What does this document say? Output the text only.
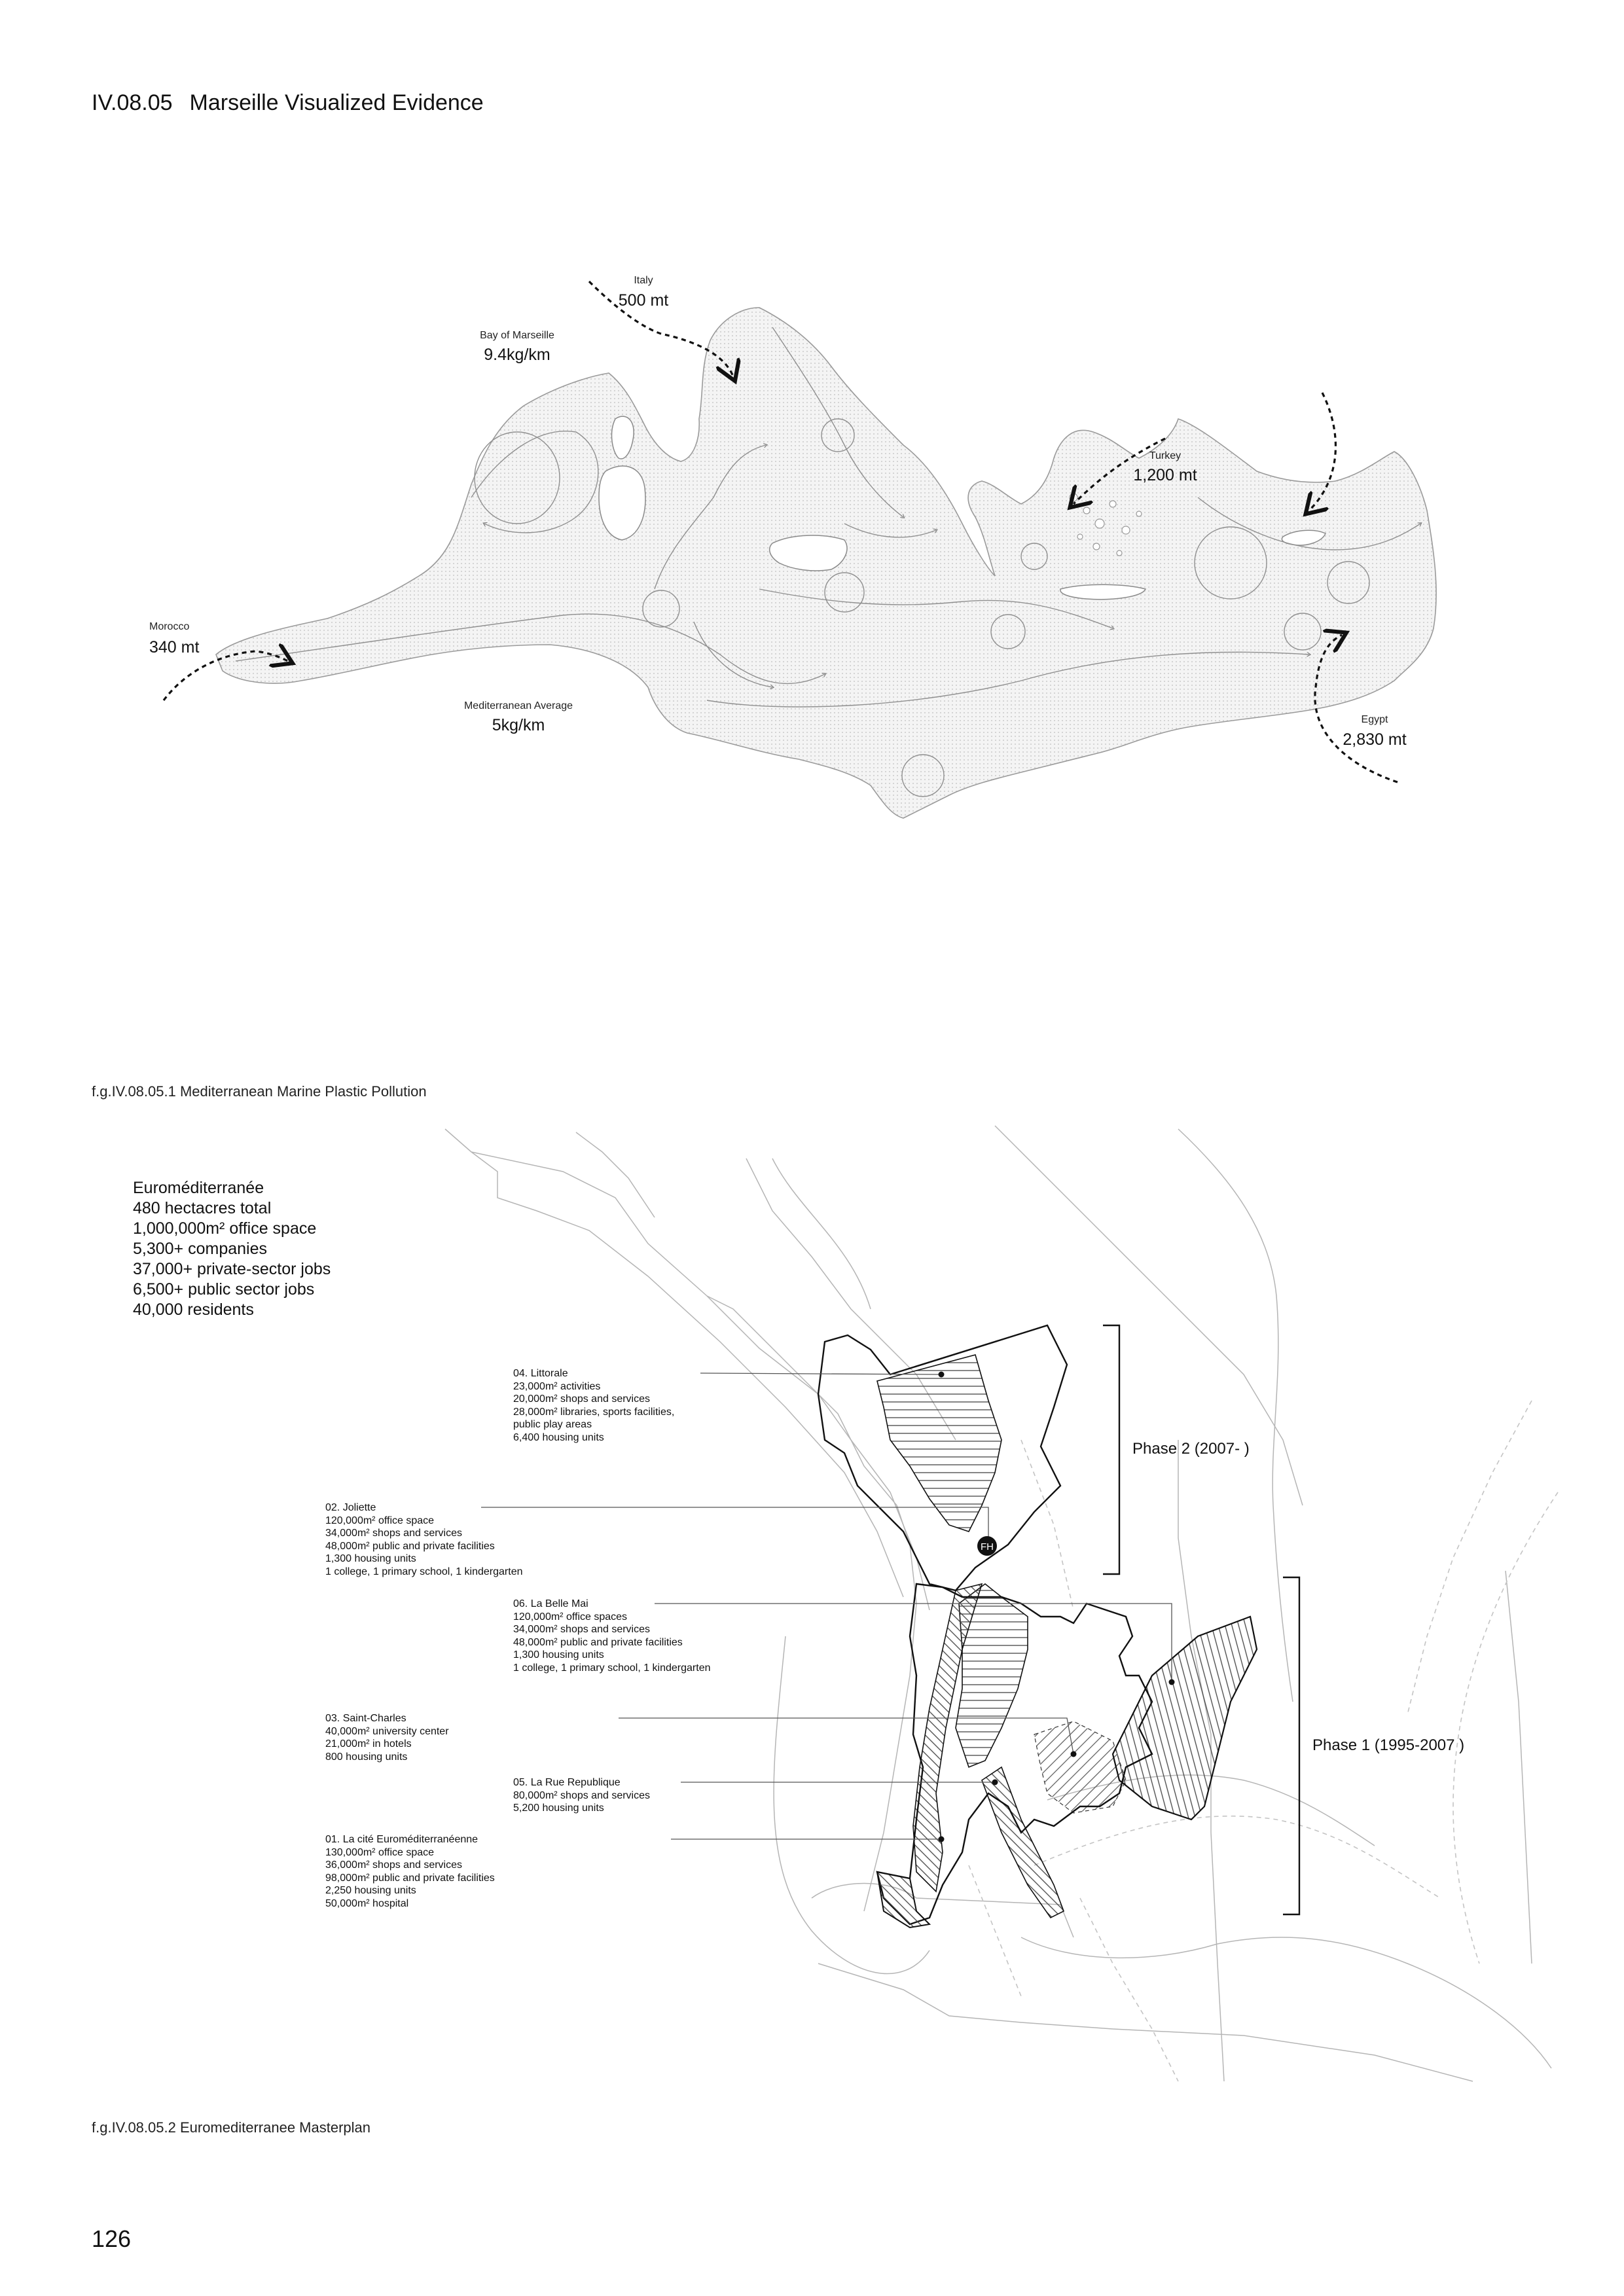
IV.08.05 Marseille Visualized Evidence
Italy
500 mt
Bay of Marseille
9.4kg/km
Turkey
1,200 mt
Morocco
340 mt
Mediterranean Average
5kg/km	Egypt
2,830 mt
f.g.IV.08.05.1 Mediterranean Marine Plastic Pollution
FH
Euroméditerranée
480 hectacres total
1,000,000m² office space
5,300+ companies
37,000+ private-sector jobs
6,500+ public sector jobs
40,000 residents
04. Littorale
23,000m² activities
20,000m² shops and services
28,000m² libraries, sports facilities,
public play areas
6,400 housing units
02. Joliette
120,000m² office space
34,000m² shops and services
48,000m² public and private facilities
1,300 housing units
1 college, 1 primary school, 1 kindergarten
06. La Belle Mai
120,000m² office spaces
34,000m² shops and services
48,000m² public and private facilities
1,300 housing units
1 college, 1 primary school, 1 kindergarten
03. Saint-Charles
40,000m² university center
21,000m² in hotels
800 housing units
05. La Rue Republique
80,000m² shops and services
5,200 housing units
01. La cité Euroméditerranéenne
130,000m² office space
36,000m² shops and services
98,000m² public and private facilities
2,250 housing units
50,000m² hospital
Phase 2 (2007- )
Phase 1 (1995-2007 )
f.g.IV.08.05.2 Euromediterranee Masterplan
126
